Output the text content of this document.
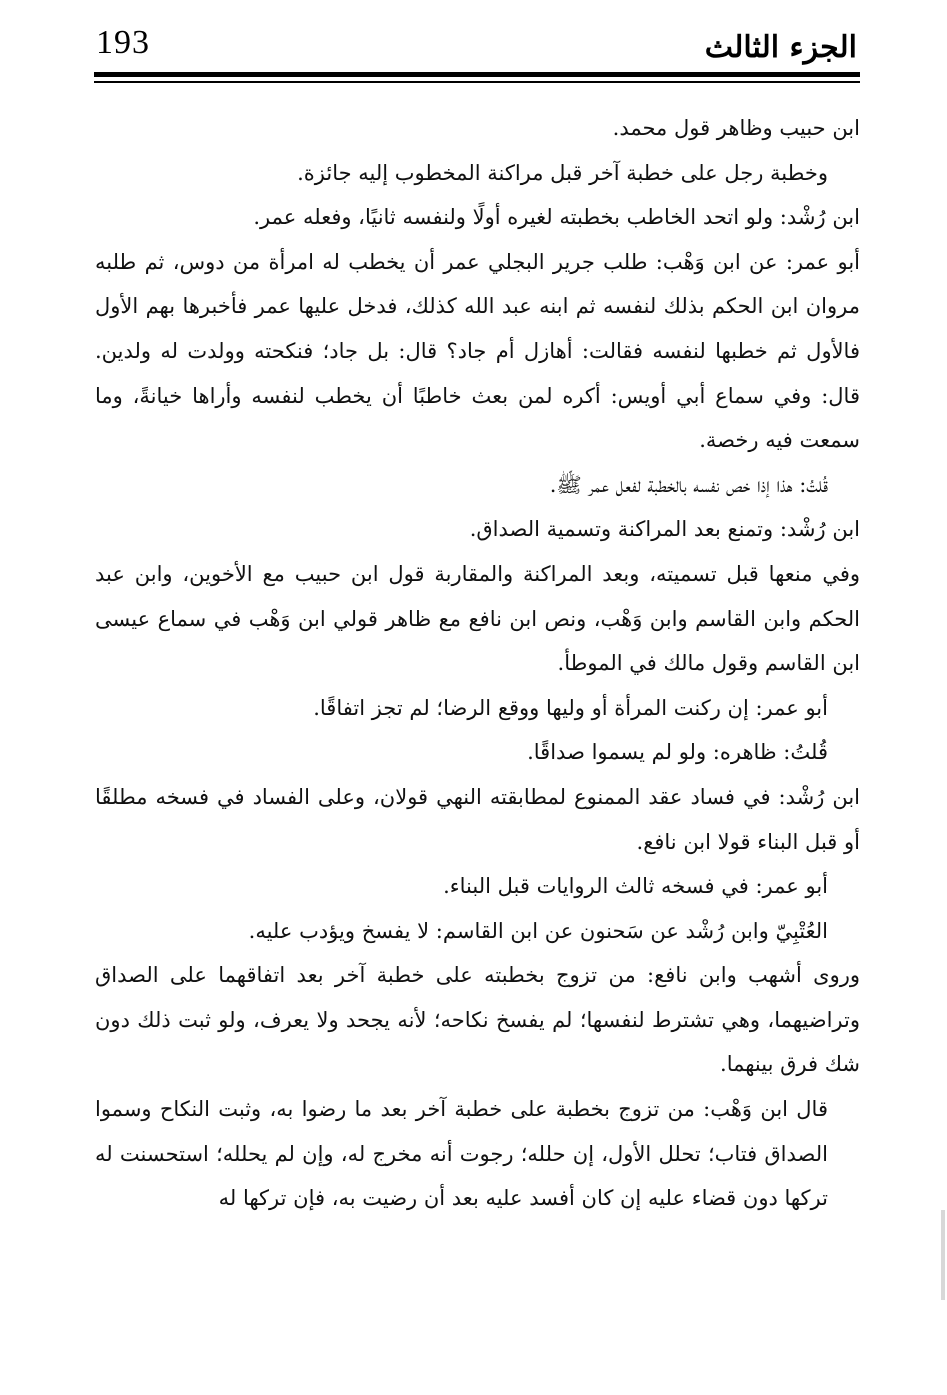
193	الجزء الثالث

ابن حبيب وظاهر قول محمد.

وخطبة رجل على خطبة آخر قبل مراكنة المخطوب إليه جائزة.

ابن رُشْد: ولو اتحد الخاطب بخطبته لغيره أولًا ولنفسه ثانيًا، وفعله عمر.

أبو عمر: عن ابن وَهْب: طلب جرير البجلي عمر أن يخطب له امرأة من دوس، ثم طلبه مروان ابن الحكم بذلك لنفسه ثم ابنه عبد الله كذلك، فدخل عليها عمر فأخبرها بهم الأول فالأول ثم خطبها لنفسه فقالت: أهازل أم جاد؟ قال: بل جاد؛ فنكحته وولدت له ولدين. قال: وفي سماع أبي أويس: أكره لمن بعث خاطبًا أن يخطب لنفسه وأراها خيانةً، وما سمعت فيه رخصة.

قُلتُ: هذا إذا خص نفسه بالخطبة لفعل عمر ﷺ.

ابن رُشْد: وتمنع بعد المراكنة وتسمية الصداق.

وفي منعها قبل تسميته، وبعد المراكنة والمقاربة قول ابن حبيب مع الأخوين، وابن عبد الحكم وابن القاسم وابن وَهْب، ونص ابن نافع مع ظاهر قولي ابن وَهْب في سماع عيسى ابن القاسم وقول مالك في الموطأ.

أبو عمر: إن ركنت المرأة أو وليها ووقع الرضا؛ لم تجز اتفاقًا.

قُلتُ: ظاهره: ولو لم يسموا صداقًا.

ابن رُشْد: في فساد عقد الممنوع لمطابقته النهي قولان، وعلى الفساد في فسخه مطلقًا أو قبل البناء قولا ابن نافع.

أبو عمر: في فسخه ثالث الروايات قبل البناء.

العُتْبِيّ وابن رُشْد عن سَحنون عن ابن القاسم: لا يفسخ ويؤدب عليه.

وروى أشهب وابن نافع: من تزوج بخطبته على خطبة آخر بعد اتفاقهما على الصداق وتراضيهما، وهي تشترط لنفسها؛ لم يفسخ نكاحه؛ لأنه يجحد ولا يعرف، ولو ثبت ذلك دون شك فرق بينهما.

قال ابن وَهْب: من تزوج بخطبة على خطبة آخر بعد ما رضوا به، وثبت النكاح وسموا الصداق فتاب؛ تحلل الأول، إن حلله؛ رجوت أنه مخرج له، وإن لم يحلله؛ استحسنت له تركها دون قضاء عليه إن كان أفسد عليه بعد أن رضيت به، فإن تركها له
